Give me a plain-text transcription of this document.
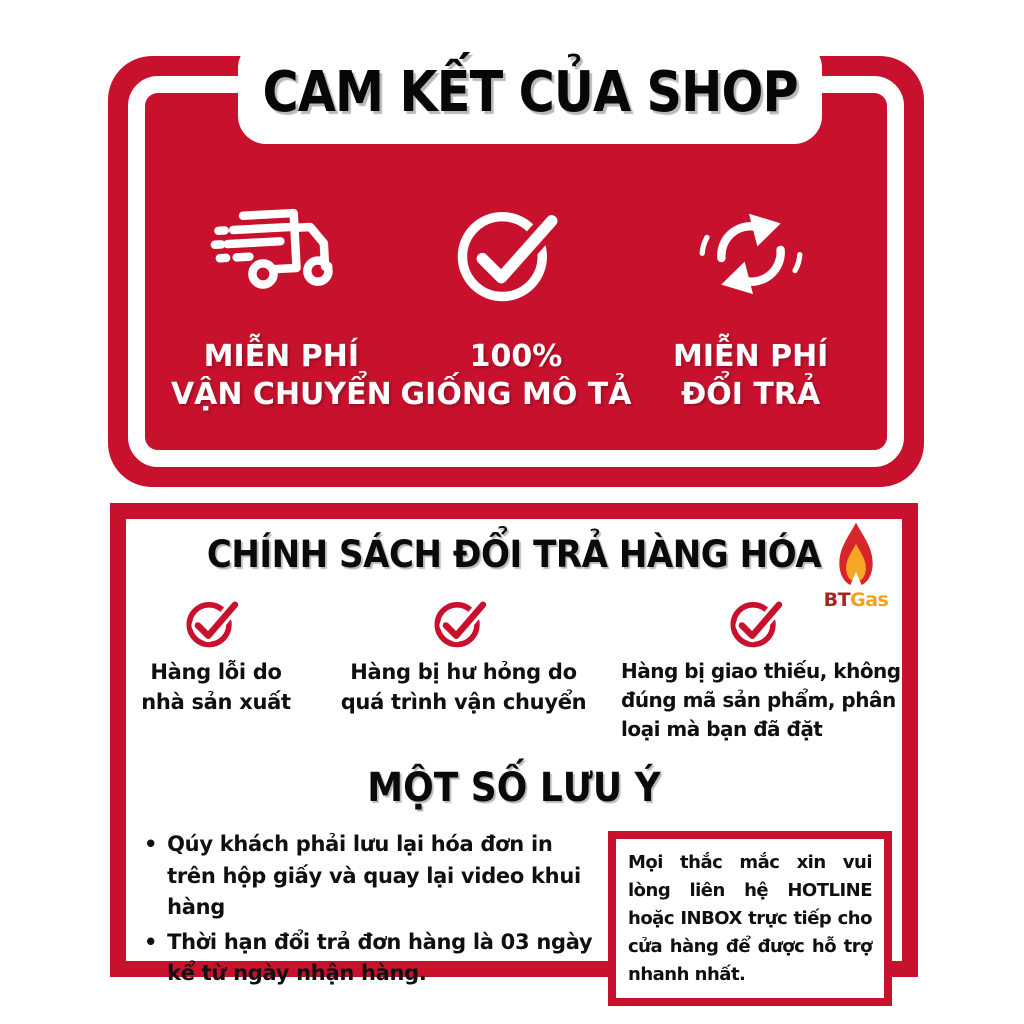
MIỄN PHÍ
VẬN CHUYỂN
100%
GIỐNG MÔ TẢ
MIỄN PHÍ
ĐỔI TRẢ
CAM KẾT CỦA SHOP
CHÍNH SÁCH ĐỔI TRẢ HÀNG HÓA
BTGas
Hàng lỗi do
nhà sản xuất
Hàng bị hư hỏng do
quá trình vận chuyển
Hàng bị giao thiếu, không
đúng mã sản phẩm, phân
loại mà bạn đã đặt
MỘT SỐ LƯU Ý
• Qúy khách phải lưu lại hóa đơn in trên hộp giấy và quay lại video khui hàng
• Thời hạn đổi trả đơn hàng là 03 ngày kể từ ngày nhận hàng.
Mọi thắc mắc xin vui lòng liên hệ HOTLINE hoặc INBOX trực tiếp cho cửa hàng để được hỗ trợ nhanh nhất.
